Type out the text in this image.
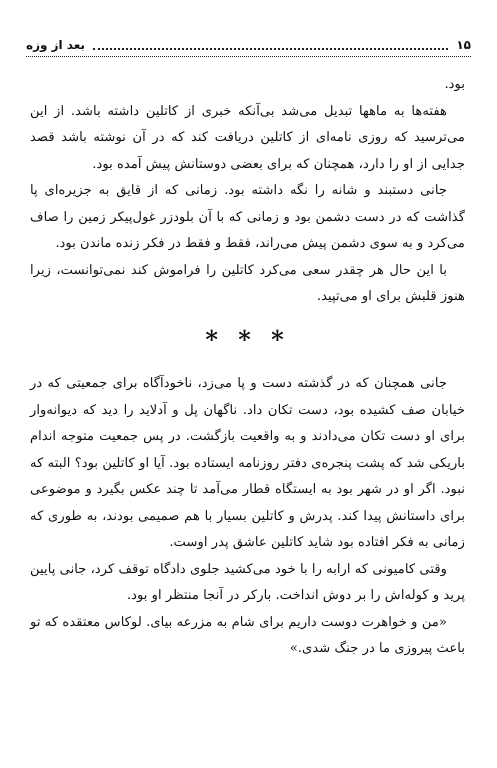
۱۵
بعد از وزه

بود.

هفته‌ها به ماهها تبدیل می‌شد بی‌آنکه خبری از کاتلین داشته باشد. از این می‌ترسید که روزی نامه‌ای از کاتلین دریافت کند که در آن نوشته باشد قصد جدایی از او را دارد، همچنان که برای بعضی دوستانش پیش آمده بود.

جانی دستبند و شانه را نگه داشته بود. زمانی که از قایق به جزیره‌ای پا گذاشت که در دست دشمن بود و زمانی که با آن بلودزر غول‌پیکر زمین را صاف می‌کرد و به سوی دشمن پیش می‌راند، فقط و فقط در فکر زنده ماندن بود.

با این حال هر چقدر سعی می‌کرد کاتلین را فراموش کند نمی‌توانست، زیرا هنوز قلبش برای او می‌تپید.

* * *

جانی همچنان که در گذشته دست و پا می‌زد، ناخودآگاه برای جمعیتی که در خیابان صف کشیده بود، دست تکان داد. ناگهان پل و آدلاید را دید که دیوانه‌وار برای او دست تکان می‌دادند و به واقعیت بازگشت. در پس جمعیت متوجه اندام باریکی شد که پشت پنجره‌ی دفتر روزنامه ایستاده بود. آیا او کاتلین بود؟ البته که نبود. اگر او در شهر بود به ایستگاه قطار می‌آمد تا چند عکس بگیرد و موضوعی برای داستانش پیدا کند. پدرش و کاتلین بسیار با هم صمیمی بودند، به طوری که زمانی به فکر افتاده بود شاید کاتلین عاشق پدر اوست.

وقتی کامیونی که ارابه را با خود می‌کشید جلوی دادگاه توقف کرد، جانی پایین پرید و کوله‌اش را بر دوش انداخت. بارکر در آنجا منتظر او بود.

«من و خواهرت دوست داریم برای شام به مزرعه بیای. لوکاس معتقده که تو باعث پیروزی ما در جنگ شدی.»
